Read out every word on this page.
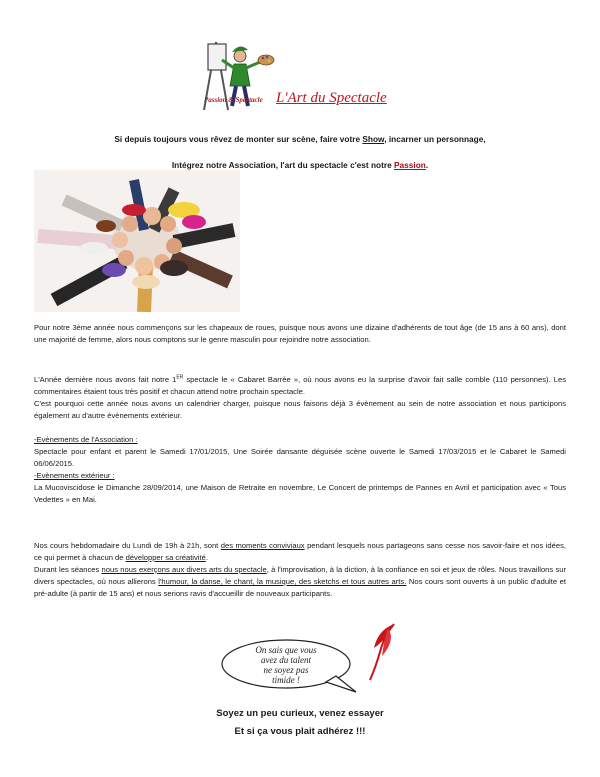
Passion & Spectacle L'Art du Spectacle
Si depuis toujours vous rêvez de monter sur scène, faire votre Show, incarner un personnage,
Intégrez notre Association, l'art du spectacle c'est notre Passion.
Pour notre 3ème année nous commençons sur les chapeaux de roues, puisque nous avons une dizaine d'adhérents de tout âge (de 15 ans à 60 ans), dont une majorité de femme, alors nous comptons sur le genre masculin pour rejoindre notre association.
L'Année dernière nous avons fait notre 1ER spectacle le « Cabaret Barrée », où nous avons eu la surprise d'avoir fait salle comble (110 personnes). Les commentaires étaient tous très positif et chacun attend notre prochain spectacle.
C'est pourquoi cette année nous avons un calendrier charger, puisque nous faisons déjà 3 évènement au sein de notre association et nous participons également au d'autre évènements extérieur.
-Evènements de l'Association :
Spectacle pour enfant et parent le Samedi 17/01/2015, Une Soirée dansante déguisée scène ouverte le Samedi 17/03/2015 et le Cabaret le Samedi 06/06/2015.
-Evènements extérieur :
La Mucoviscidose le Dimanche 28/09/2014, une Maison de Retraite en novembre, Le Concert de printemps de Pannes en Avril et participation avec « Tous Vedettes » en Mai.
Nos cours hebdomadaire du Lundi de 19h à 21h, sont des moments conviviaux pendant lesquels nous partageons sans cesse nos savoir-faire et nos idées, ce qui permet à chacun de développer sa créativité.
Durant les séances nous nous exerçons aux divers arts du spectacle, à l'improvisation, à la diction, à la confiance en soi et jeux de rôles. Nous travaillons sur divers spectacles, où nous allierons l'humour, la danse, le chant, la musique, des sketchs et tous autres arts. Nos cours sont ouverts à un public d'adulte et pré-adulte (à partir de 15 ans) et nous serions ravis d'accueillir de nouveaux participants.
On sais que vous
avez du talent
ne soyez pas
timide !
Soyez un peu curieux, venez essayer
Et si ça vous plait adhérez !!!
